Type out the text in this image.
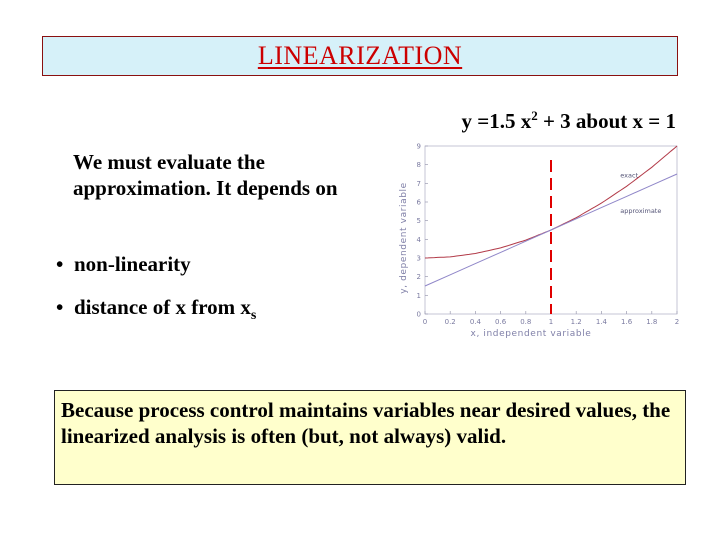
LINEARIZATION
y =1.5 $x^2 + 3$ about x = 1
We must evaluate the approximation. It depends on
• non-linearity
• distance of x from $x_s$	0 0.2 0.4 0.6 0.8 1 1.2 1.4 1.6 1.8 2
0
1
2
3
4
5
6
7
8
9
x, independent variable
y, dependent variable
exact
approximate
Because process control maintains variables near desired values, the linearized analysis is often (but, not always) valid.
